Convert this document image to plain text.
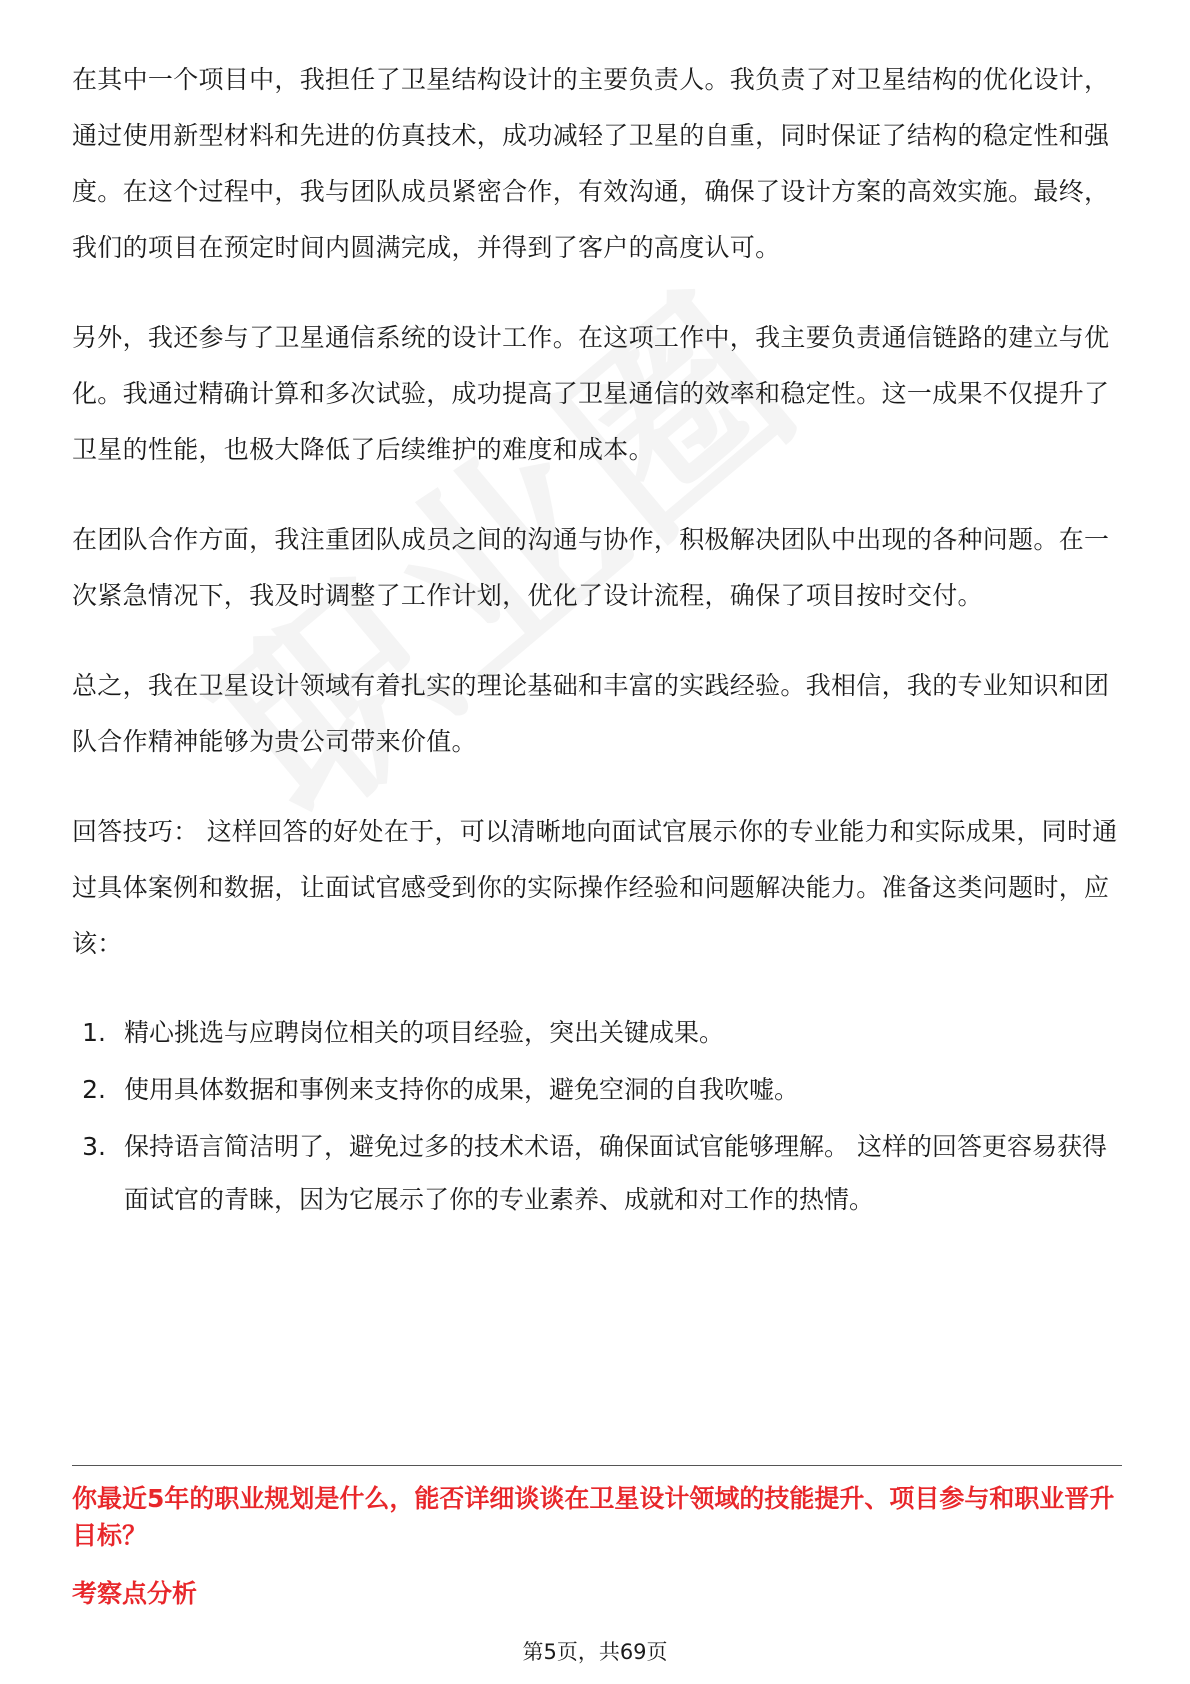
在其中一个项目中，我担任了卫星结构设计的主要负责人。我负责了对卫星结构的优化设计，通过使用新型材料和先进的仿真技术，成功减轻了卫星的自重，同时保证了结构的稳定性和强度。在这个过程中，我与团队成员紧密合作，有效沟通，确保了设计方案的高效实施。最终，我们的项目在预定时间内圆满完成，并得到了客户的高度认可。

另外，我还参与了卫星通信系统的设计工作。在这项工作中，我主要负责通信链路的建立与优化。我通过精确计算和多次试验，成功提高了卫星通信的效率和稳定性。这一成果不仅提升了卫星的性能，也极大降低了后续维护的难度和成本。

在团队合作方面，我注重团队成员之间的沟通与协作，积极解决团队中出现的各种问题。在一次紧急情况下，我及时调整了工作计划，优化了设计流程，确保了项目按时交付。

总之，我在卫星设计领域有着扎实的理论基础和丰富的实践经验。我相信，我的专业知识和团队合作精神能够为贵公司带来价值。

回答技巧： 这样回答的好处在于，可以清晰地向面试官展示你的专业能力和实际成果，同时通过具体案例和数据，让面试官感受到你的实际操作经验和问题解决能力。准备这类问题时，应该：

1. 精心挑选与应聘岗位相关的项目经验，突出关键成果。
2. 使用具体数据和事例来支持你的成果，避免空洞的自我吹嘘。
3. 保持语言简洁明了，避免过多的技术术语，确保面试官能够理解。 这样的回答更容易获得面试官的青睐，因为它展示了你的专业素养、成就和对工作的热情。
你最近5年的职业规划是什么，能否详细谈谈在卫星设计领域的技能提升、项目参与和职业晋升目标？
考察点分析
第5页，共69页
